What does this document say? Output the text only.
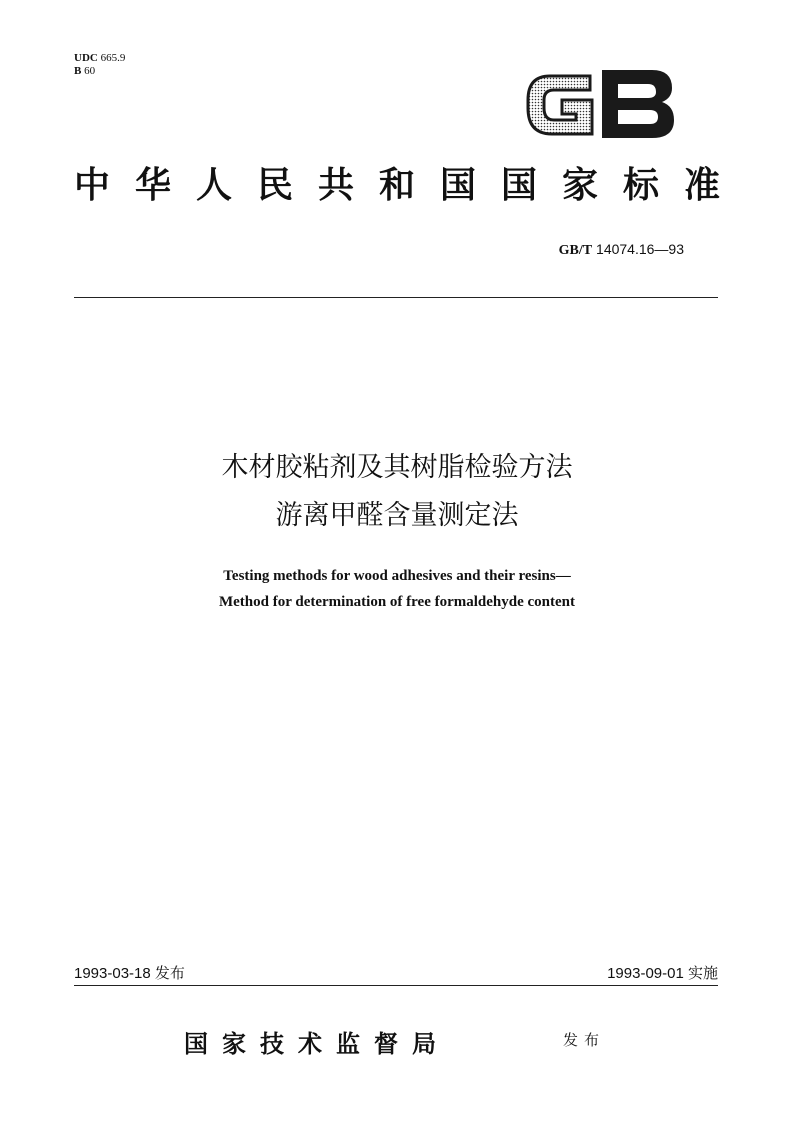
UDC 665.9
B 60
GB
中华人民共和国国家标准
GB/T 14074.16—93
木材胶粘剂及其树脂检验方法
游离甲醛含量测定法
Testing methods for wood adhesives and their resins—
Method for determination of free formaldehyde content
1993-03-18 发布	1993-09-01 实施
国家技术监督局	发布
